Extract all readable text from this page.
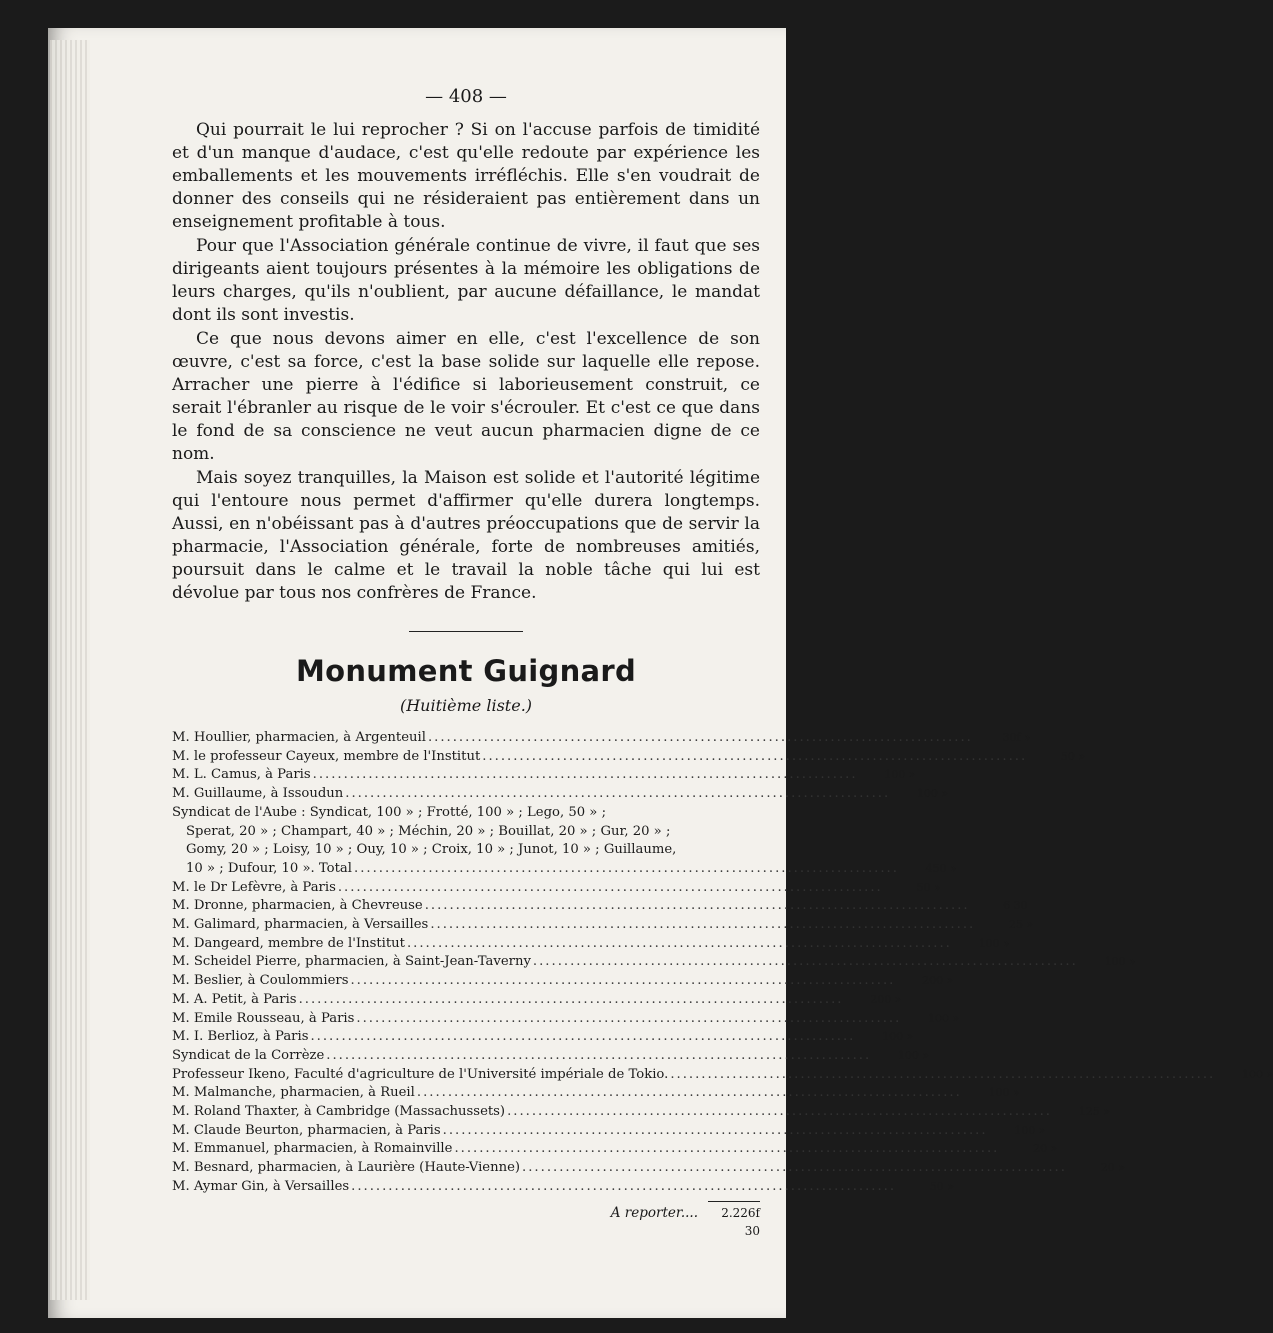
— 408 —

Qui pourrait le lui reprocher ? Si on l'accuse parfois de timidité et d'un manque d'audace, c'est qu'elle redoute par expérience les emballements et les mouvements irréfléchis. Elle s'en voudrait de donner des conseils qui ne résideraient pas entièrement dans un enseignement profitable à tous.

Pour que l'Association générale continue de vivre, il faut que ses dirigeants aient toujours présentes à la mémoire les obligations de leurs charges, qu'ils n'oublient, par aucune défaillance, le mandat dont ils sont investis.

Ce que nous devons aimer en elle, c'est l'excellence de son œuvre, c'est sa force, c'est la base solide sur laquelle elle repose. Arracher une pierre à l'édifice si laborieusement construit, ce serait l'ébranler au risque de le voir s'écrouler. Et c'est ce que dans le fond de sa conscience ne veut aucun pharmacien digne de ce nom.

Mais soyez tranquilles, la Maison est solide et l'autorité légitime qui l'entoure nous permet d'affirmer qu'elle durera longtemps. Aussi, en n'obéissant pas à d'autres préoccupations que de servir la pharmacie, l'Association générale, forte de nombreuses amitiés, poursuit dans le calme et le travail la noble tâche qui lui est dévolue par tous nos confrères de France.

Monument Guignard
(Huitième liste.)
M. Houllier, pharmacien, à Argenteuil ........................................................................................	30f »
M. le professeur Cayeux, membre de l'Institut ........................................................................................	50 »
M. L. Camus, à Paris ........................................................................................	100 »
M. Guillaume, à Issoudun ........................................................................................	100 »
Syndicat de l'Aube : Syndicat, 100 » ; Frotté, 100 » ; Lego, 50 » ;
Sperat, 20 » ; Champart, 40 » ; Méchin, 20 » ; Bouillat, 20 » ; Gur, 20 » ;
Gomy, 20 » ; Loisy, 10 » ; Ouy, 10 » ; Croix, 10 » ; Junot, 10 » ; Guillaume,
10 » ; Dufour, 10 ». Total ........................................................................................	450 »
M. le Dr Lefèvre, à Paris ........................................................................................	50 »
M. Dronne, pharmacien, à Chevreuse ........................................................................................	6 30
M. Galimard, pharmacien, à Versailles ........................................................................................	25 »
M. Dangeard, membre de l'Institut ........................................................................................	100 »
M. Scheidel Pierre, pharmacien, à Saint-Jean-Taverny ........................................................................................	100 »
M. Beslier, à Coulommiers ........................................................................................	200 »
M. A. Petit, à Paris ........................................................................................	200 »
M. Emile Rousseau, à Paris ........................................................................................	100 »
M. I. Berlioz, à Paris ........................................................................................	100 »
Syndicat de la Corrèze ........................................................................................	100 »
Professeur Ikeno, Faculté d'agriculture de l'Université impériale de Tokio. ........................................................................................	100 »
M. Malmanche, pharmacien, à Rueil ........................................................................................	100 »
M. Roland Thaxter, à Cambridge (Massachussets) ........................................................................................	125 »
M. Claude Beurton, pharmacien, à Paris ........................................................................................	100 »
M. Emmanuel, pharmacien, à Romainville ........................................................................................	20 »
M. Besnard, pharmacien, à Laurière (Haute-Vienne) ........................................................................................	20 »
M. Aymar Gin, à Versailles ........................................................................................	50 »
A reporter....	2.226f 30
